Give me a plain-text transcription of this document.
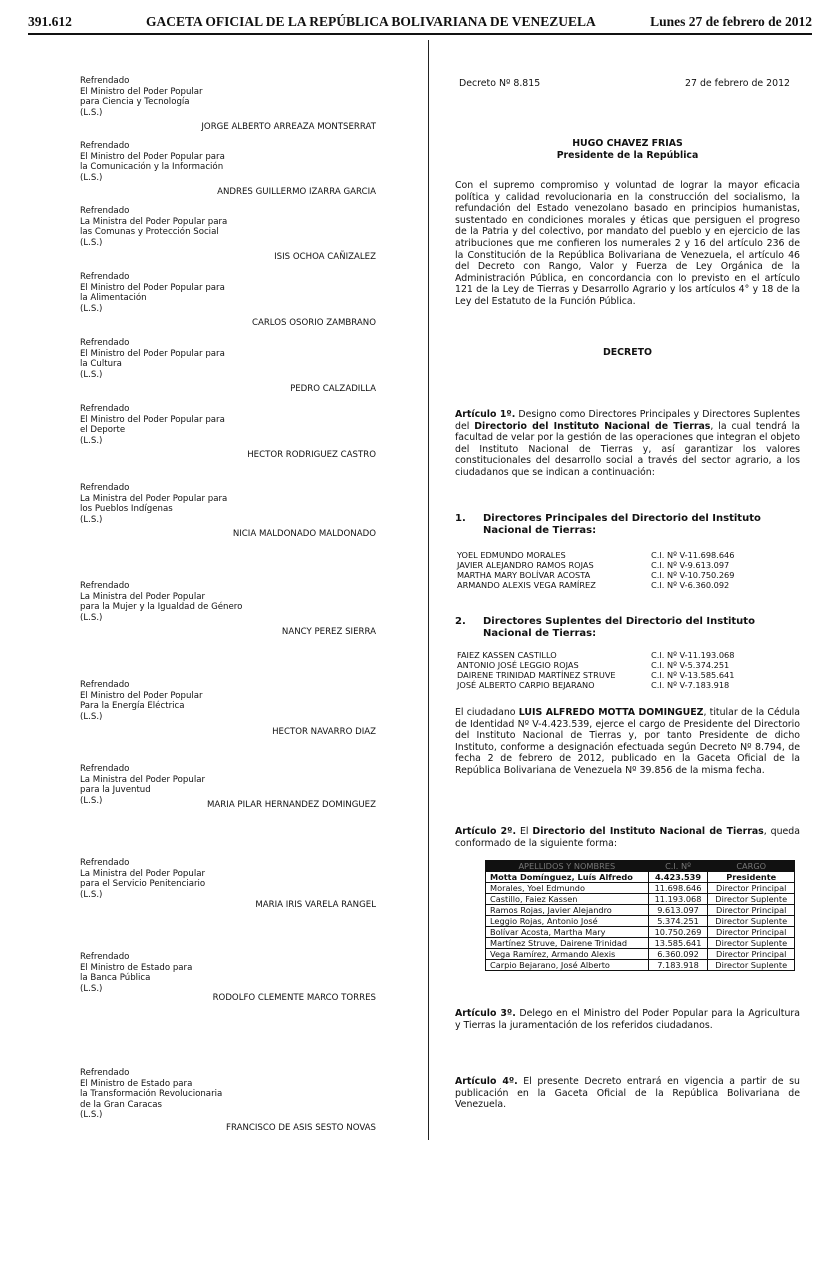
391.612	GACETA OFICIAL DE LA REPÚBLICA BOLIVARIANA DE VENEZUELA	Lunes 27 de febrero de 2012
Refrendado
El Ministro del Poder Popular
para Ciencia y Tecnología
(L.S.)
JORGE ALBERTO ARREAZA MONTSERRAT
Refrendado
El Ministro del Poder Popular para
la Comunicación y la Información
(L.S.)
ANDRES GUILLERMO IZARRA GARCIA
Refrendado
La Ministra del Poder Popular para
las Comunas y Protección Social
(L.S.)
ISIS OCHOA CAÑIZALEZ
Refrendado
El Ministro del Poder Popular para
la Alimentación
(L.S.)
CARLOS OSORIO ZAMBRANO
Refrendado
El Ministro del Poder Popular para
la Cultura
(L.S.)
PEDRO CALZADILLA
Refrendado
El Ministro del Poder Popular para
el Deporte
(L.S.)
HECTOR RODRIGUEZ CASTRO
Refrendado
La Ministra del Poder Popular para
los Pueblos Indígenas
(L.S.)
NICIA MALDONADO MALDONADO
Refrendado
La Ministra del Poder Popular
para la Mujer y la Igualdad de Género
(L.S.)
NANCY PEREZ SIERRA
Refrendado
El Ministro del Poder Popular
Para la Energía Eléctrica
(L.S.)
HECTOR NAVARRO DIAZ
Refrendado
La Ministra del Poder Popular
para la Juventud
(L.S.)	MARIA PILAR HERNANDEZ DOMINGUEZ
Refrendado
La Ministra del Poder Popular
para el Servicio Penitenciario
(L.S.)
MARIA IRIS VARELA RANGEL
Refrendado
El Ministro de Estado para
la Banca Pública
(L.S.)
RODOLFO CLEMENTE MARCO TORRES
Refrendado
El Ministro de Estado para
la Transformación Revolucionaria
de la Gran Caracas
(L.S.)
FRANCISCO DE ASIS SESTO NOVAS
Decreto Nº 8.815	27 de febrero de 2012
HUGO CHAVEZ FRIAS
Presidente de la República

Con el supremo compromiso y voluntad de lograr la mayor eficacia política y calidad revolucionaria en la construcción del socialismo, la refundación del Estado venezolano basado en principios humanistas, sustentado en condiciones morales y éticas que persiguen el progreso de la Patria y del colectivo, por mandato del pueblo y en ejercicio de las atribuciones que me confieren los numerales 2 y 16 del artículo 236 de la Constitución de la República Bolivariana de Venezuela, el artículo 46 del Decreto con Rango, Valor y Fuerza de Ley Orgánica de la Administración Pública, en concordancia con lo previsto en el artículo 121 de la Ley de Tierras y Desarrollo Agrario y los artículos 4° y 18 de la Ley del Estatuto de la Función Pública.

DECRETO

Artículo 1º. Designo como Directores Principales y Directores Suplentes del Directorio del Instituto Nacional de Tierras, la cual tendrá la facultad de velar por la gestión de las operaciones que integran el objeto del Instituto Nacional de Tierras y, así garantizar los valores constitucionales del desarrollo social a través del sector agrario, a los ciudadanos que se indican a continuación:

1.	Directores Principales del Directorio del Instituto Nacional de Tierras:
YOEL EDMUNDO MORALES	C.I. Nº V-11.698.646
JAVIER ALEJANDRO RAMOS ROJAS	C.I. Nº V-9.613.097
MARTHA MARY BOLÍVAR ACOSTA	C.I. Nº V-10.750.269
ARMANDO ALEXIS VEGA RAMÍREZ	C.I. Nº V-6.360.092
2.	Directores Suplentes del Directorio del Instituto Nacional de Tierras:
FAIEZ KASSEN CASTILLO	C.I. Nº V-11.193.068
ANTONIO JOSÉ LEGGIO ROJAS	C.I. Nº V-5.374.251
DAIRENE TRINIDAD MARTÍNEZ STRUVE	C.I. Nº V-13.585.641
JOSÉ ALBERTO CARPIO BEJARANO	C.I. Nº V-7.183.918

El ciudadano LUIS ALFREDO MOTTA DOMINGUEZ, titular de la Cédula de Identidad Nº V-4.423.539, ejerce el cargo de Presidente del Directorio del Instituto Nacional de Tierras y, por tanto Presidente de dicho Instituto, conforme a designación efectuada según Decreto Nº 8.794, de fecha 2 de febrero de 2012, publicado en la Gaceta Oficial de la República Bolivariana de Venezuela Nº 39.856 de la misma fecha.

Artículo 2º. El Directorio del Instituto Nacional de Tierras, queda conformado de la siguiente forma:

APELLIDOS Y NOMBRES	C.I. Nº	CARGO
Motta Domínguez, Luís Alfredo	4.423.539	Presidente
Morales, Yoel Edmundo	11.698.646	Director Principal
Castillo, Faiez Kassen	11.193.068	Director Suplente
Ramos Rojas, Javier Alejandro	9.613.097	Director Principal
Leggio Rojas, Antonio José	5.374.251	Director Suplente
Bolívar Acosta, Martha Mary	10.750.269	Director Principal
Martínez Struve, Dairene Trinidad	13.585.641	Director Suplente
Vega Ramírez, Armando Alexis	6.360.092	Director Principal
Carpio Bejarano, José Alberto	7.183.918	Director Suplente

Artículo 3º. Delego en el Ministro del Poder Popular para la Agricultura y Tierras la juramentación de los referidos ciudadanos.

Artículo 4º. El presente Decreto entrará en vigencia a partir de su publicación en la Gaceta Oficial de la República Bolivariana de Venezuela.
